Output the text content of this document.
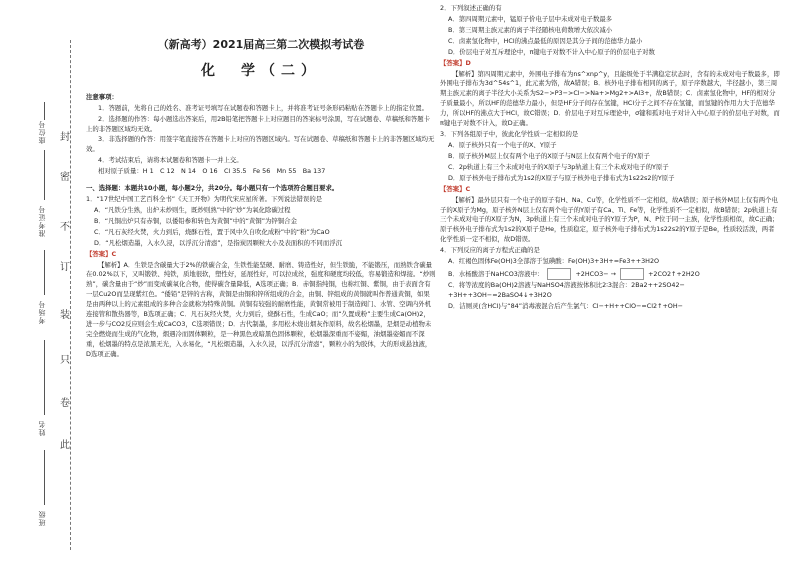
封
密
不
订
装
只
卷
此
座位号
准考证号
考场号
姓名
班级
（新高考）2021届高三第二次模拟考试卷
化　学（二）
注意事项：
1．答题前，先将自己的姓名、准考证号填写在试题卷和答题卡上，并将准考证号条形码粘贴在答题卡上的指定位置。
2．选择题的作答：每小题选出答案后，用2B铅笔把答题卡上对应题目的答案标号涂黑，写在试题卷、草稿纸和答题卡上的非答题区域均无效。
3．非选择题的作答：用签字笔直接答在答题卡上对应的答题区域内。写在试题卷、草稿纸和答题卡上的非答题区域均无效。
4．考试结束后，请将本试题卷和答题卡一并上交。
相对原子质量：H 1　C 12　N 14　O 16　Cl 35.5　Fe 56　Mn 55　Ba 137
一、选择题：本题共10小题，每小题2分，共20分。每小题只有一个选项符合题目要求。
1．“17世纪中国工艺百科全书”《天工开物》为明代宋应星所著。下列说法错误的是
A．“凡铁分生熟，出炉未炒则生，既炒则熟”中的“炒”为氧化除碳过程
B．“凡铜出炉只有赤铜，以倭铅参和转色为黄铜”中的“黄铜”为锌铜合金
C．“凡石灰经火焚，火力到后，烧酥石性，置于风中久自吹化成粉”中的“粉”为CaO
D．“凡松烟造墨，入水久浸，以浮沉分清悫”，是指炭因颗粒大小及表面积的不同而浮沉
【答案】C
【解析】A．生铁是含碳量大于2%的铁碳合金，生铁性能坚硬、耐磨、铸造性好，但生铁脆，不能锻压，而熟铁含碳量在0.02%以下，又叫锻铁、纯铁，质地很软，塑性好，延展性好，可以拉成丝，强度和硬度均较低，容易锻造和焊接。“炒则熟”，碳含量由于“炒”而变成碳氧化合物，使得碳含量降低，A选项正确；B．赤铜指纯铜，也称红铜、紫铜，由于表面含有一层Cu2O而呈现紫红色。“倭铅”是锌的古称，黄铜是由铜和锌所组成的合金，由铜、锌组成的黄铜就叫作普通黄铜，如果是由两种以上的元素组成的多种合金就称为特殊黄铜。黄铜有较强的耐磨性能，黄铜常被用于制造阀门、水管、空调内外机连接管和散热器等，B选项正确；C．凡石灰经火焚，火力到后，烧酥石性，生成CaO；而“久置成粉”主要生成Ca(OH)2，进一步与CO2反应则会生成CaCO3，C选项错误；D．古代制墨，多用松木烧出烟灰作原料，故名松烟墨，是烟是动植物未完全燃烧而生成的气化物，烟遇冷而固体颗粒，是一种黑色或暗黑色固体颗粒，松烟墨深重而不姿媚，油烟墨姿媚而不深重，松烟墨的特点是浓黑无光，入水易化，“凡松烟造墨，入水久浸，以浮沉分清悫”，颗粒小的为胶体，大的形成悬浊液，D选项正确。
2．下列叙述正确的有
A．第四周期元素中，锰原子价电子层中未成对电子数最多
B．第三周期主族元素的离子半径随核电荷数增大依次减小
C．卤素氢化物中，HCl的沸点最低的原因是其分子间的范德华力最小
D．价层电子对互斥理论中，π键电子对数不计入中心原子的价层电子对数
【答案】D
【解析】第四周期元素中，外围电子排布为ns^xnp^y，且能级处于半满稳定状态时，含有的未成对电子数最多，即外围电子排布为3d^54s^1，此元素为铬，故A错误；B．核外电子排布相同的离子，原子序数越大，半径越小，第三周期主族元素的离子半径大小关系为S2−>P3−>Cl−>Na+>Mg2+>Al3+，故B错误；C．卤素氢化物中，HF的相对分子质量最小，所以HF的范德华力最小，但是HF分子间存在氢键，HCl分子之间不存在氢键，而氢键的作用力大于范德华力，所以HF的沸点大于HCl，故C错误；D．价层电子对互斥理论中，σ键和孤对电子对计入中心原子的价层电子对数，而π键电子对数不计入，故D正确。
3．下列各组原子中，彼此化学性质一定相似的是
A．原子核外只有一个电子的X、Y原子
B．原子核外M层上仅有两个电子的X原子与N层上仅有两个电子的Y原子
C．2p轨道上有三个未成对电子的X原子与3p轨道上有三个未成对电子的Y原子
D．原子核外电子排布式为1s2的X原子与原子核外电子排布式为1s22s2的Y原子
【答案】C
【解析】最外层只有一个电子的原子有H、Na、Cu等，化学性质不一定相似，故A错误；原子核外M层上仅有两个电子的X原子为Mg，原子核外N层上仅有两个电子的Y原子有Ca、Ti、Fe等，化学性质不一定相似，故B错误；2p轨道上有三个未成对电子的X原子为N，3p轨道上有三个未成对电子的Y原子为P，N、P位于同一主族，化学性质相似，故C正确；原子核外电子排布式为1s2的X原子是He，性质稳定，原子核外电子排布式为1s22s2的Y原子是Be，性质较活泼，两者化学性质一定不相似，故D错误。
4．下列反应的离子方程式正确的是
A．红褐色固体Fe(OH)3全部溶于氢碘酸：Fe(OH)3+3H+=Fe3++3H2O
B．水杨酸溶于NaHCO3溶液中：	+2HCO3− →	+2CO2↑+2H2O
C．将等浓度的Ba(OH)2溶液与NaHSO4溶液按体积比2∶3混合：2Ba2++2SO42−+3H++3OH−=2BaSO4↓+3H2O
D．洁厕灵(含HCl)与“84”消毒液混合后产生氯气：Cl−+H++ClO−=Cl2↑+OH−
